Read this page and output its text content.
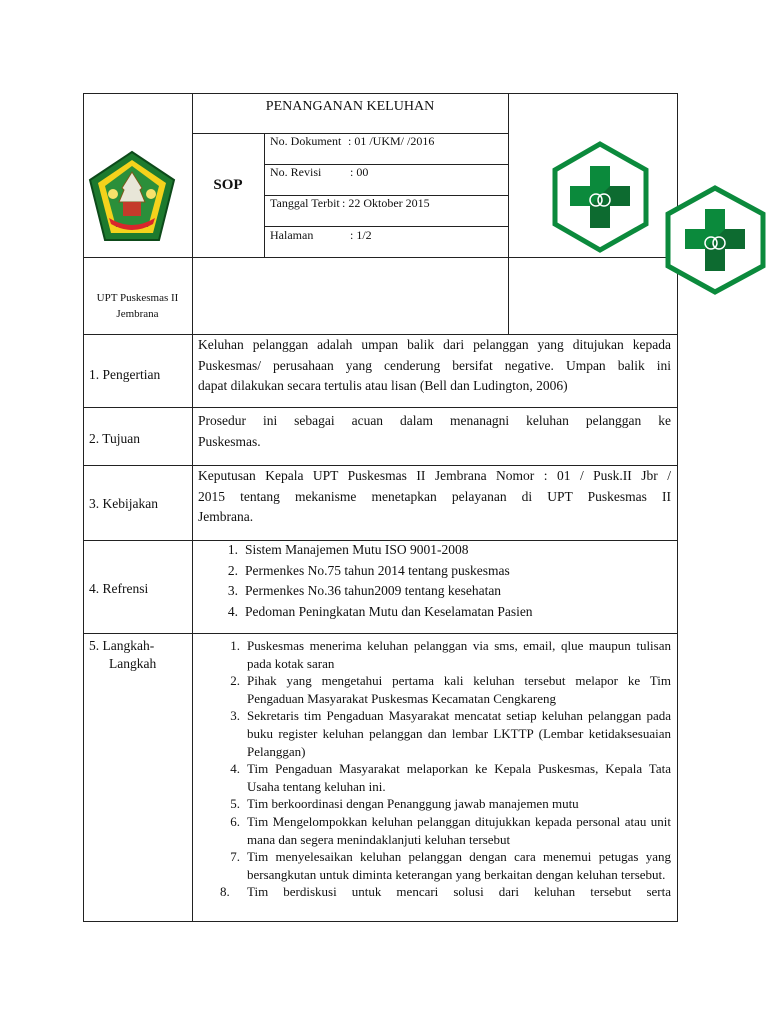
UPT Puskesmas II
Jembrana
PENANGANAN KELUHAN
SOP
No. Dokument : 01 /UKM/ /2016
No. Revisi : 00
Tanggal Terbit : 22 Oktober 2015
Halaman	: 1/2
1. Pengertian
Keluhan pelanggan adalah umpan balik dari pelanggan yang ditujukan kepada
Puskesmas/ perusahaan yang cenderung bersifat negative. Umpan balik ini
dapat dilakukan secara tertulis atau lisan (Bell dan Ludington, 2006)
2. Tujuan
Prosedur ini sebagai acuan dalam menanagni keluhan pelanggan ke
Puskesmas.
3. Kebijakan
Keputusan Kepala UPT Puskesmas II Jembrana Nomor : 01 / Pusk.II Jbr /
2015 tentang mekanisme menetapkan pelayanan di UPT Puskesmas II
Jembrana.
4. Refrensi
1. Sistem Manajemen Mutu ISO 9001-2008
2. Permenkes No.75 tahun 2014 tentang puskesmas
3. Permenkes No.36 tahun2009 tentang kesehatan
4. Pedoman Peningkatan Mutu dan Keselamatan Pasien
5. Langkah-
Langkah
1. Puskesmas menerima keluhan pelanggan via sms, email, qlue maupun tulisan pada kotak saran
2. Pihak yang mengetahui pertama kali keluhan tersebut melapor ke Tim Pengaduan Masyarakat Puskesmas Kecamatan Cengkareng
3. Sekretaris tim Pengaduan Masyarakat mencatat setiap keluhan pelanggan pada buku register keluhan pelanggan dan lembar LKTTP (Lembar ketidaksesuaian Pelanggan)
4. Tim Pengaduan Masyarakat melaporkan ke Kepala Puskesmas, Kepala Tata Usaha tentang keluhan ini.
5. Tim berkoordinasi dengan Penanggung jawab manajemen mutu
6. Tim Mengelompokkan keluhan pelanggan ditujukkan kepada personal atau unit mana dan segera menindaklanjuti keluhan tersebut
7. Tim menyelesaikan keluhan pelanggan dengan cara menemui petugas yang bersangkutan untuk diminta keterangan yang berkaitan dengan keluhan tersebut.
8.	Tim berdiskusi untuk mencari solusi dari keluhan tersebut serta
